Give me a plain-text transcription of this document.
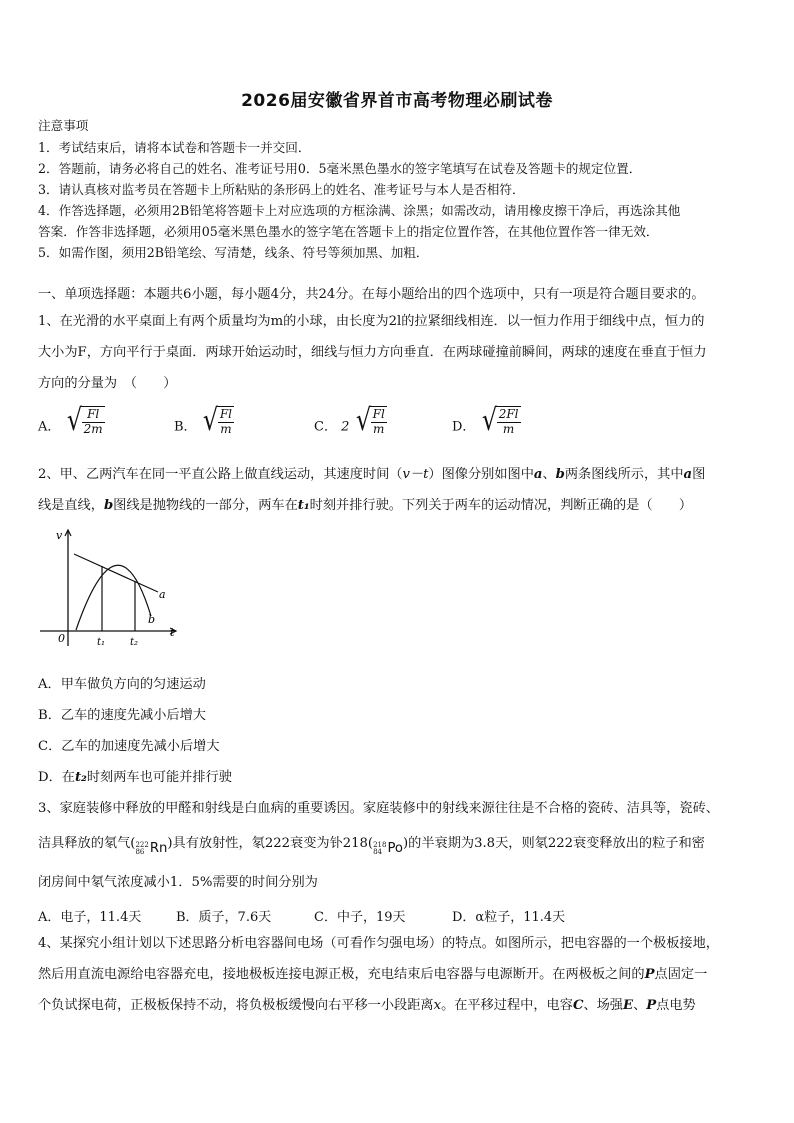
2026届安徽省界首市高考物理必刷试卷
注意事项
1．考试结束后，请将本试卷和答题卡一并交回．
2．答题前，请务必将自己的姓名、准考证号用0．5毫米黑色墨水的签字笔填写在试卷及答题卡的规定位置．
3．请认真核对监考员在答题卡上所粘贴的条形码上的姓名、准考证号与本人是否相符．
4．作答选择题，必须用2B铅笔将答题卡上对应选项的方框涂满、涂黑；如需改动，请用橡皮擦干净后，再选涂其他
答案．作答非选择题，必须用05毫米黑色墨水的签字笔在答题卡上的指定位置作答，在其他位置作答一律无效．
5．如需作图，须用2B铅笔绘、写清楚，线条、符号等须加黑、加粗．
一、单项选择题：本题共6小题，每小题4分，共24分。在每小题给出的四个选项中，只有一项是符合题目要求的。
1、在光滑的水平桌面上有两个质量均为m的小球，由长度为2l的拉紧细线相连．以一恒力作用于细线中点，恒力的
大小为F，方向平行于桌面．两球开始运动时，细线与恒力方向垂直．在两球碰撞前瞬间，两球的速度在垂直于恒力
方向的分量为　（　　）
A． √ $\frac{Fl}{2m}$	B． √ $\frac{Fl}{m}$	C． 2 √ $\frac{Fl}{m}$	D． √ $\frac{2Fl}{m}$
2、甲、乙两汽车在同一平直公路上做直线运动，其速度时间（v－t）图像分别如图中a、b两条图线所示，其中a图
线是直线，b图线是抛物线的一部分，两车在t₁时刻并排行驶。下列关于两车的运动情况，判断正确的是（　　）
v
t
0	t₁ t₂
a
b
A．甲车做负方向的匀速运动
B．乙车的速度先减小后增大
C．乙车的加速度先减小后增大
D．在t₂时刻两车也可能并排行驶
3、家庭装修中释放的甲醛和射线是白血病的重要诱因。家庭装修中的射线来源往往是不合格的瓷砖、洁具等，瓷砖、
洁具释放的氡气( 222
86 Rn )具有放射性，氡222衰变为钋218( 218
84 Po )的半衰期为3.8天，则氡222衰变释放出的粒子和密
闭房间中氡气浓度减小1．5%需要的时间分别为
A．电子，11.4天	B．质子，7.6天	C．中子，19天	D．α粒子，11.4天
4、某探究小组计划以下述思路分析电容器间电场（可看作匀强电场）的特点。如图所示，把电容器的一个极板接地，
然后用直流电源给电容器充电，接地极板连接电源正极，充电结束后电容器与电源断开。在两极板之间的P点固定一
个负试探电荷，正极板保持不动，将负极板缓慢向右平移一小段距离x。在平移过程中，电容C、场强E、P点电势
